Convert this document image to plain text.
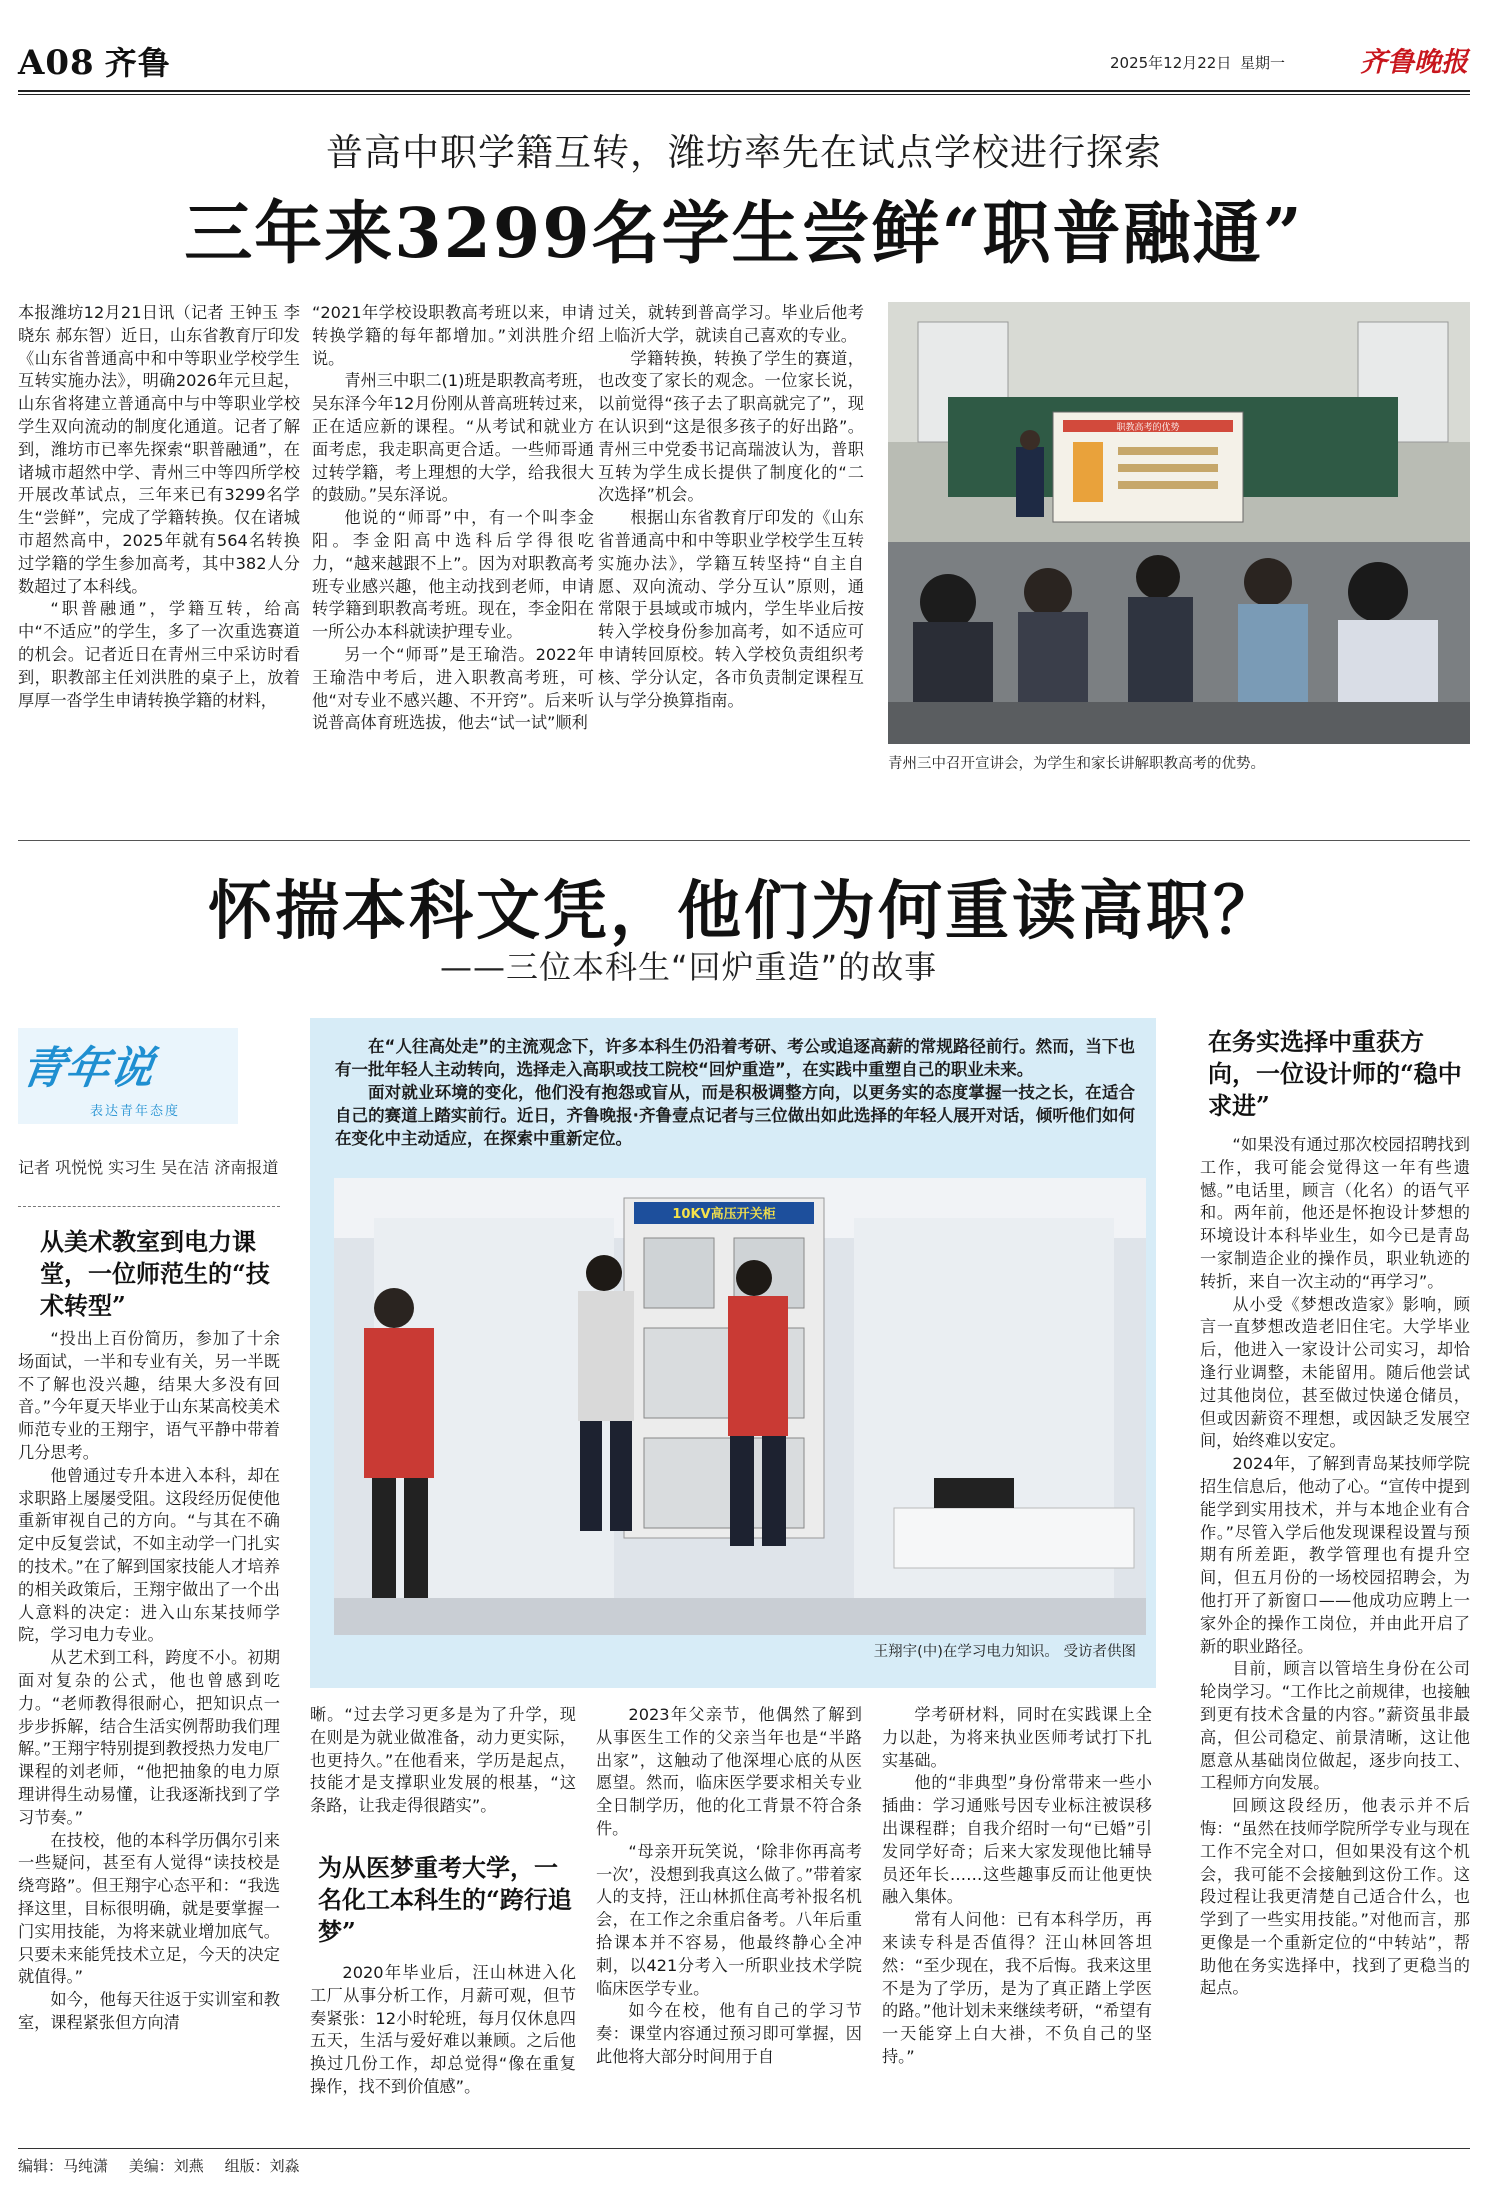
A08 齐鲁	2025年12月22日 星期一	齐鲁晚报
普高中职学籍互转，潍坊率先在试点学校进行探索
三年来3299名学生尝鲜“职普融通”

本报潍坊12月21日讯（记者 王钟玉 李晓东 郝东智）近日，山东省教育厅印发《山东省普通高中和中等职业学校学生互转实施办法》，明确2026年元旦起，山东省将建立普通高中与中等职业学校学生双向流动的制度化通道。记者了解到，潍坊市已率先探索“职普融通”，在诸城市超然中学、青州三中等四所学校开展改革试点，三年来已有3299名学生“尝鲜”，完成了学籍转换。仅在诸城市超然高中，2025年就有564名转换过学籍的学生参加高考，其中382人分数超过了本科线。

“职普融通”，学籍互转，给高中“不适应”的学生，多了一次重选赛道的机会。记者近日在青州三中采访时看到，职教部主任刘洪胜的桌子上，放着厚厚一沓学生申请转换学籍的材料，

“2021年学校设职教高考班以来，申请转换学籍的每年都增加。”刘洪胜介绍说。

青州三中职二(1)班是职教高考班，吴东泽今年12月份刚从普高班转过来，正在适应新的课程。“从考试和就业方面考虑，我走职高更合适。一些师哥通过转学籍，考上理想的大学，给我很大的鼓励。”吴东泽说。

他说的“师哥”中，有一个叫李金阳。李金阳高中选科后学得很吃力，“越来越跟不上”。因为对职教高考班专业感兴趣，他主动找到老师，申请转学籍到职教高考班。现在，李金阳在一所公办本科就读护理专业。

另一个“师哥”是王瑜浩。2022年王瑜浩中考后，进入职教高考班，可他“对专业不感兴趣、不开窍”。后来听说普高体育班选拔，他去“试一试”顺利

过关，就转到普高学习。毕业后他考上临沂大学，就读自己喜欢的专业。

学籍转换，转换了学生的赛道，也改变了家长的观念。一位家长说，以前觉得“孩子去了职高就完了”，现在认识到“这是很多孩子的好出路”。青州三中党委书记高瑞波认为，普职互转为学生成长提供了制度化的“二次选择”机会。

根据山东省教育厅印发的《山东省普通高中和中等职业学校学生互转实施办法》，学籍互转坚持“自主自愿、双向流动、学分互认”原则，通常限于县域或市城内，学生毕业后按转入学校身份参加高考，如不适应可申请转回原校。转入学校负责组织考核、学分认定，各市负责制定课程互认与学分换算指南。

职教高考的优势
青州三中召开宣讲会，为学生和家长讲解职教高考的优势。
怀揣本科文凭，他们为何重读高职？
——三位本科生“回炉重造”的故事
青年说
表达青年态度
记者 巩悦悦 实习生 吴在洁 济南报道
从美术教室到电力课堂，一位师范生的“技术转型”

“投出上百份简历，参加了十余场面试，一半和专业有关，另一半既不了解也没兴趣，结果大多没有回音。”今年夏天毕业于山东某高校美术师范专业的王翔宇，语气平静中带着几分思考。

他曾通过专升本进入本科，却在求职路上屡屡受阻。这段经历促使他重新审视自己的方向。“与其在不确定中反复尝试，不如主动学一门扎实的技术。”在了解到国家技能人才培养的相关政策后，王翔宇做出了一个出人意料的决定：进入山东某技师学院，学习电力专业。

从艺术到工科，跨度不小。初期面对复杂的公式，他也曾感到吃力。“老师教得很耐心，把知识点一步步拆解，结合生活实例帮助我们理解。”王翔宇特别提到教授热力发电厂课程的刘老师，“他把抽象的电力原理讲得生动易懂，让我逐渐找到了学习节奏。”

在技校，他的本科学历偶尔引来一些疑问，甚至有人觉得“读技校是绕弯路”。但王翔宇心态平和：“我选择这里，目标很明确，就是要掌握一门实用技能，为将来就业增加底气。只要未来能凭技术立足，今天的决定就值得。”

如今，他每天往返于实训室和教室，课程紧张但方向清

在“人往高处走”的主流观念下，许多本科生仍沿着考研、考公或追逐高薪的常规路径前行。然而，当下也有一批年轻人主动转向，选择走入高职或技工院校“回炉重造”，在实践中重塑自己的职业未来。

面对就业环境的变化，他们没有抱怨或盲从，而是积极调整方向，以更务实的态度掌握一技之长，在适合自己的赛道上踏实前行。近日，齐鲁晚报·齐鲁壹点记者与三位做出如此选择的年轻人展开对话，倾听他们如何在变化中主动适应，在探索中重新定位。

10KV高压开关柜
王翔宇(中)在学习电力知识。 受访者供图

晰。“过去学习更多是为了升学，现在则是为就业做准备，动力更实际，也更持久。”在他看来，学历是起点，技能才是支撑职业发展的根基，“这条路，让我走得很踏实”。

为从医梦重考大学，一名化工本科生的“跨行追梦”

2020年毕业后，汪山林进入化工厂从事分析工作，月薪可观，但节奏紧张：12小时轮班，每月仅休息四五天，生活与爱好难以兼顾。之后他换过几份工作，却总觉得“像在重复操作，找不到价值感”。

2023年父亲节，他偶然了解到从事医生工作的父亲当年也是“半路出家”，这触动了他深埋心底的从医愿望。然而，临床医学要求相关专业全日制学历，他的化工背景不符合条件。

“母亲开玩笑说，‘除非你再高考一次’，没想到我真这么做了。”带着家人的支持，汪山林抓住高考补报名机会，在工作之余重启备考。八年后重拾课本并不容易，他最终静心全冲刺，以421分考入一所职业技术学院临床医学专业。

如今在校，他有自己的学习节奏：课堂内容通过预习即可掌握，因此他将大部分时间用于自

学考研材料，同时在实践课上全力以赴，为将来执业医师考试打下扎实基础。

他的“非典型”身份常带来一些小插曲：学习通账号因专业标注被误移出课程群；自我介绍时一句“已婚”引发同学好奇；后来大家发现他比辅导员还年长……这些趣事反而让他更快融入集体。

常有人问他：已有本科学历，再来读专科是否值得？汪山林回答坦然：“至少现在，我不后悔。我来这里不是为了学历，是为了真正踏上学医的路。”他计划未来继续考研，“希望有一天能穿上白大褂，不负自己的坚持。”

在务实选择中重获方向，一位设计师的“稳中求进”

“如果没有通过那次校园招聘找到工作，我可能会觉得这一年有些遗憾。”电话里，顾言（化名）的语气平和。两年前，他还是怀抱设计梦想的环境设计本科毕业生，如今已是青岛一家制造企业的操作员，职业轨迹的转折，来自一次主动的“再学习”。

从小受《梦想改造家》影响，顾言一直梦想改造老旧住宅。大学毕业后，他进入一家设计公司实习，却恰逢行业调整，未能留用。随后他尝试过其他岗位，甚至做过快递仓储员，但或因薪资不理想，或因缺乏发展空间，始终难以安定。

2024年，了解到青岛某技师学院招生信息后，他动了心。“宣传中提到能学到实用技术，并与本地企业有合作。”尽管入学后他发现课程设置与预期有所差距，教学管理也有提升空间，但五月份的一场校园招聘会，为他打开了新窗口——他成功应聘上一家外企的操作工岗位，并由此开启了新的职业路径。

目前，顾言以管培生身份在公司轮岗学习。“工作比之前规律，也接触到更有技术含量的内容。”薪资虽非最高，但公司稳定、前景清晰，这让他愿意从基础岗位做起，逐步向技工、工程师方向发展。

回顾这段经历，他表示并不后悔：“虽然在技师学院所学专业与现在工作不完全对口，但如果没有这个机会，我可能不会接触到这份工作。这段过程让我更清楚自己适合什么，也学到了一些实用技能。”对他而言，那更像是一个重新定位的“中转站”，帮助他在务实选择中，找到了更稳当的起点。

编辑：马纯潇 美编：刘燕 组版：刘淼
